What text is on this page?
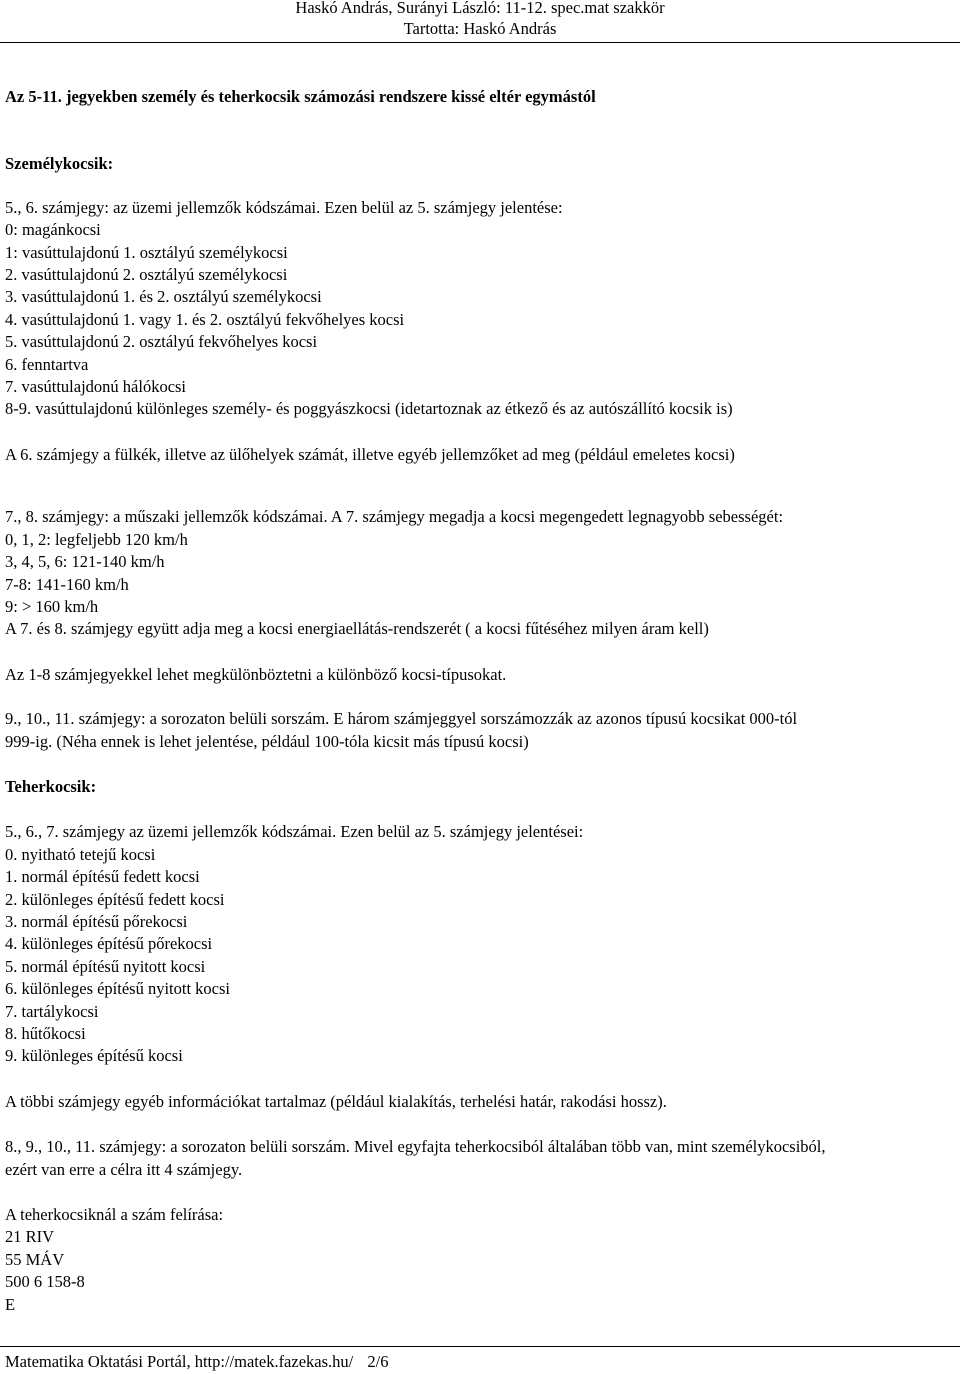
Haskó András, Surányi László: 11-12. spec.mat szakkör
Tartotta: Haskó András

Az 5-11. jegyekben személy és teherkocsik számozási rendszere kissé eltér egymástól

Személykocsik:

5., 6. számjegy: az üzemi jellemzők kódszámai. Ezen belül az 5. számjegy jelentése:
0: magánkocsi
1: vasúttulajdonú 1. osztályú személykocsi
2. vasúttulajdonú 2. osztályú személykocsi
3. vasúttulajdonú 1. és 2. osztályú személykocsi
4. vasúttulajdonú 1. vagy 1. és 2. osztályú fekvőhelyes kocsi
5. vasúttulajdonú 2. osztályú fekvőhelyes kocsi
6. fenntartva
7. vasúttulajdonú hálókocsi
8-9. vasúttulajdonú különleges személy- és poggyászkocsi (idetartoznak az étkező és az autószállító kocsik is)

A 6. számjegy a fülkék, illetve az ülőhelyek számát, illetve egyéb jellemzőket ad meg (például emeletes kocsi)

7., 8. számjegy: a műszaki jellemzők kódszámai. A 7. számjegy megadja a kocsi megengedett legnagyobb sebességét:
0, 1, 2: legfeljebb 120 km/h
3, 4, 5, 6: 121-140 km/h
7-8: 141-160 km/h
9: > 160 km/h
A 7. és 8. számjegy együtt adja meg a kocsi energiaellátás-rendszerét ( a kocsi fűtéséhez milyen áram kell)

Az 1-8 számjegyekkel lehet megkülönböztetni a különböző kocsi-típusokat.

9., 10., 11. számjegy: a sorozaton belüli sorszám. E három számjeggyel sorszámozzák az azonos típusú kocsikat 000-tól
999-ig. (Néha ennek is lehet jelentése, például 100-tóla kicsit más típusú kocsi)

Teherkocsik:

5., 6., 7. számjegy az üzemi jellemzők kódszámai. Ezen belül az 5. számjegy jelentései:
0. nyitható tetejű kocsi
1. normál építésű fedett kocsi
2. különleges építésű fedett kocsi
3. normál építésű pőrekocsi
4. különleges építésű pőrekocsi
5. normál építésű nyitott kocsi
6. különleges építésű nyitott kocsi
7. tartálykocsi
8. hűtőkocsi
9. különleges építésű kocsi

A többi számjegy egyéb információkat tartalmaz (például kialakítás, terhelési határ, rakodási hossz).

8., 9., 10., 11. számjegy: a sorozaton belüli sorszám. Mivel egyfajta teherkocsiból általában több van, mint személykocsiból,
ezért van erre a célra itt 4 számjegy.
A teherkocsiknál a szám felírása:
21 RIV
55 MÁV
500 6 158-8
E
Matematika Oktatási Portál, http://matek.fazekas.hu/ 2/6
